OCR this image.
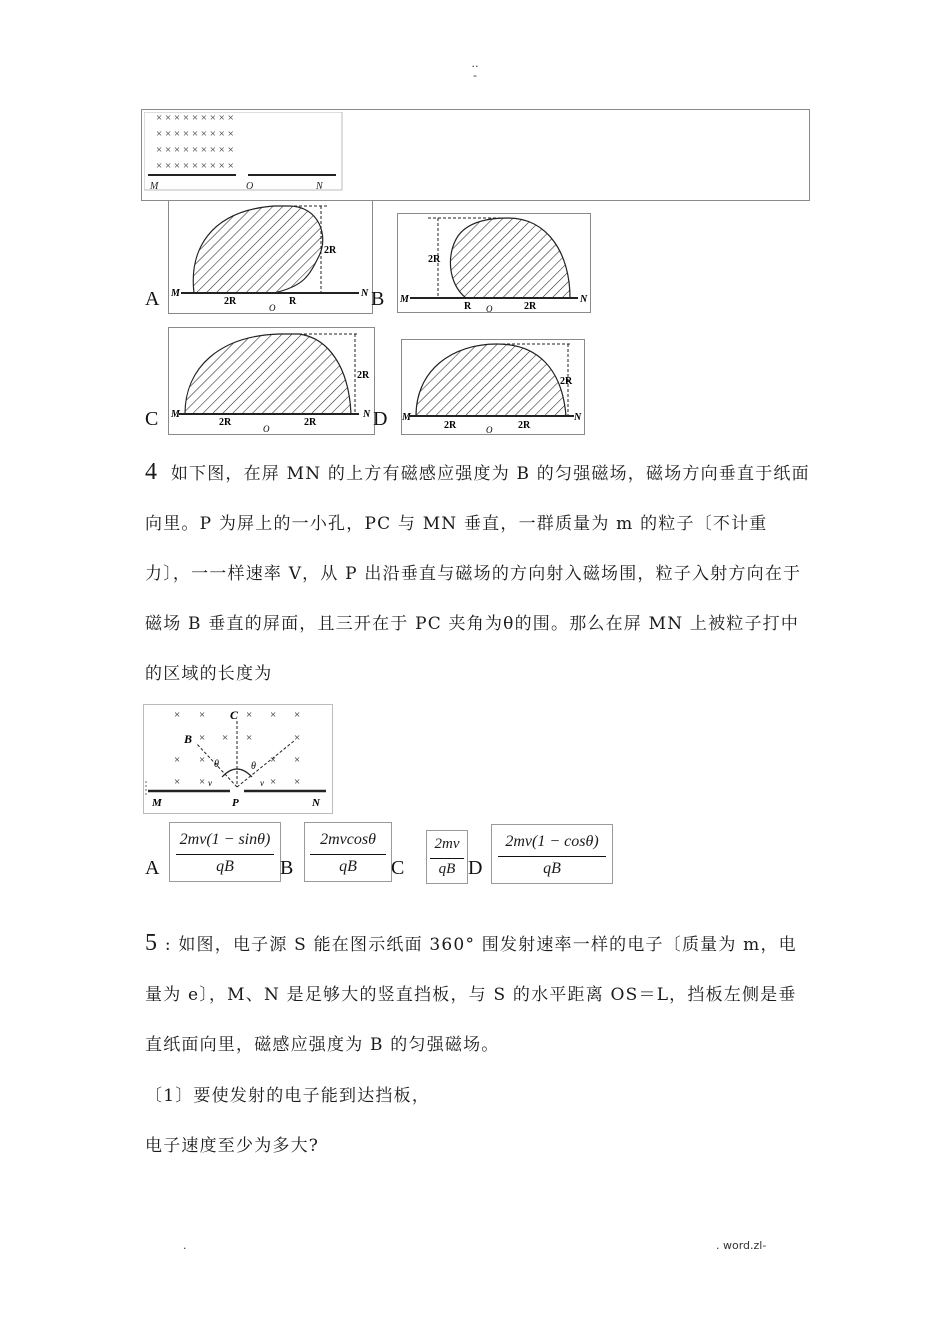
..
-
× × × × × × × × ×
× × × × × × × × ×
× × × × × × × × ×
× × × × × × × × ×
M	O	N
A
2R
M	N
2R	R
O	B
2R
M	N
R	2R
O
C
2R
M	N
2R	2R
O	D
2R
M	N
2R	2R
O
4 如下图，在屏 MN 的上方有磁感应强度为 B 的匀强磁场，磁场方向垂直于纸面向里。P 为屏上的一小孔，PC 与 MN 垂直，一群质量为 m 的粒子〔不计重力〕，一一样速率 V，从 P 出沿垂直与磁场的方向射入磁场围，粒子入射方向在于磁场 B 垂直的屏面，且三开在于 PC 夹角为θ的围。那么在屏 MN 上被粒子打中的区域的长度为
× ×	× × ×
× × ×	×
× ×	× ×
× ×	× ×
C
B
θ	θ
v	v
M	P	N
A
2mv(1 − sinθ)
qB	B
2mvcosθ
qB	C
2mv
qB D
2mv(1 − cosθ)
qB
5 : 如图，电子源 S 能在图示纸面 360° 围发射速率一样的电子〔质量为 m，电量为 e〕，M、N 是足够大的竖直挡板，与 S 的水平距离 OS＝L，挡板左侧是垂直纸面向里，磁感应强度为 B 的匀强磁场。
〔1〕要使发射的电子能到达挡板，
电子速度至少为多大?
.	. word.zl-
